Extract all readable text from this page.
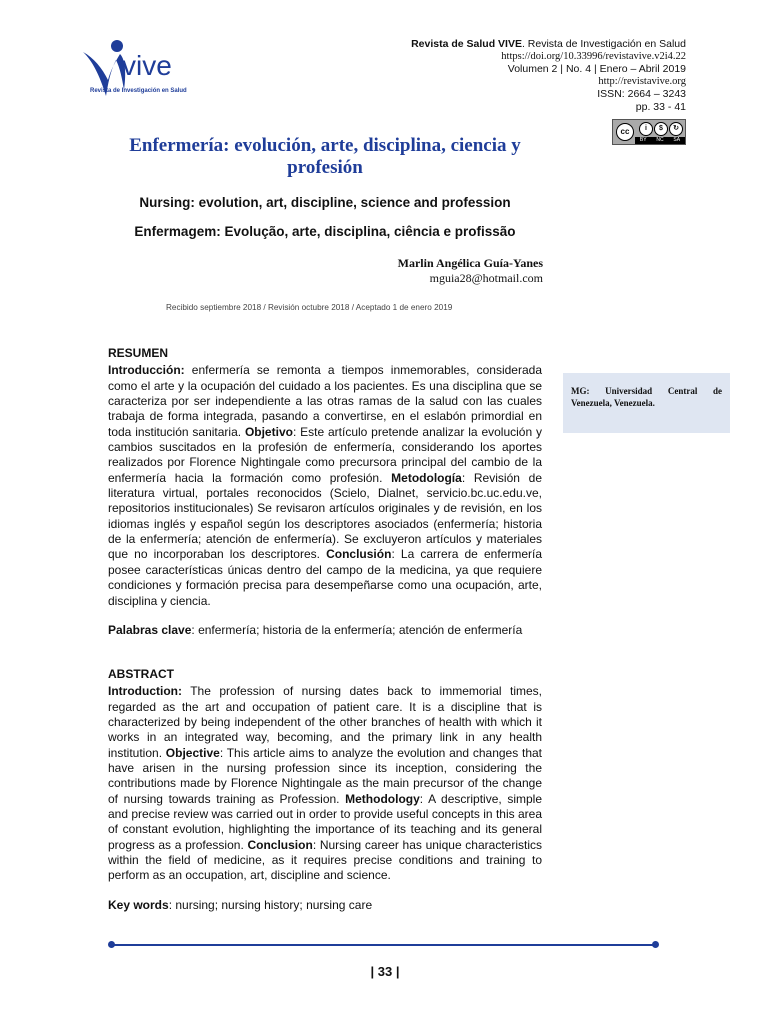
vive
Revista de Investigación en Salud
Revista de Salud VIVE. Revista de Investigación en Salud
https://doi.org/10.33996/revistavive.v2i4.22
Volumen 2 | No. 4 | Enero – Abril 2019
http://revistavive.org
ISSN: 2664 – 3243
pp. 33 - 41
cc	i	$	↻
BY NC SA
Enfermería: evolución, arte, disciplina, ciencia y profesión
Nursing: evolution, art, discipline, science and profession
Enfermagem: Evolução, arte, disciplina, ciência e profissão
Marlin Angélica Guía-Yanes
mguia28@hotmail.com
Recibido septiembre 2018 / Revisión octubre 2018 / Aceptado 1 de enero 2019

MG: Universidad Central de Venezuela, Venezuela.

RESUMEN
Introducción: enfermería se remonta a tiempos inmemorables, considerada como el arte y la ocupación del cuidado a los pacientes. Es una disciplina que se caracteriza por ser independiente a las otras ramas de la salud con las cuales trabaja de forma integrada, pasando a convertirse, en el eslabón primordial en toda institución sanitaria. Objetivo: Este artículo pretende analizar la evolución y cambios suscitados en la profesión de enfermería, considerando los aportes realizados por Florence Nightingale como precursora principal del cambio de la enfermería hacia la formación como profesión. Metodología: Revisión de literatura virtual, portales reconocidos (Scielo, Dialnet, servicio.bc.uc.edu.ve, repositorios institucionales) Se revisaron artículos originales y de revisión, en los idiomas inglés y español según los descriptores asociados (enfermería; historia de la enfermería; atención de enfermería). Se excluyeron artículos y materiales que no incorporaban los descriptores. Conclusión: La carrera de enfermería posee características únicas dentro del campo de la medicina, ya que requiere condiciones y formación precisa para desempeñarse como una ocupación, arte, disciplina y ciencia.
Palabras clave: enfermería; historia de la enfermería; atención de enfermería
ABSTRACT
Introduction: The profession of nursing dates back to immemorial times, regarded as the art and occupation of patient care. It is a discipline that is characterized by being independent of the other branches of health with which it works in an integrated way, becoming, and the primary link in any health institution. Objective: This article aims to analyze the evolution and changes that have arisen in the nursing profession since its inception, considering the contributions made by Florence Nightingale as the main precursor of the change of nursing towards training as Profession. Methodology: A descriptive, simple and precise review was carried out in order to provide useful concepts in this area of constant evolution, highlighting the importance of its teaching and its general progress as a profession. Conclusion: Nursing career has unique characteristics within the field of medicine, as it requires precise conditions and training to perform as an occupation, art, discipline and science.
Key words: nursing; nursing history; nursing care
| 33 |
